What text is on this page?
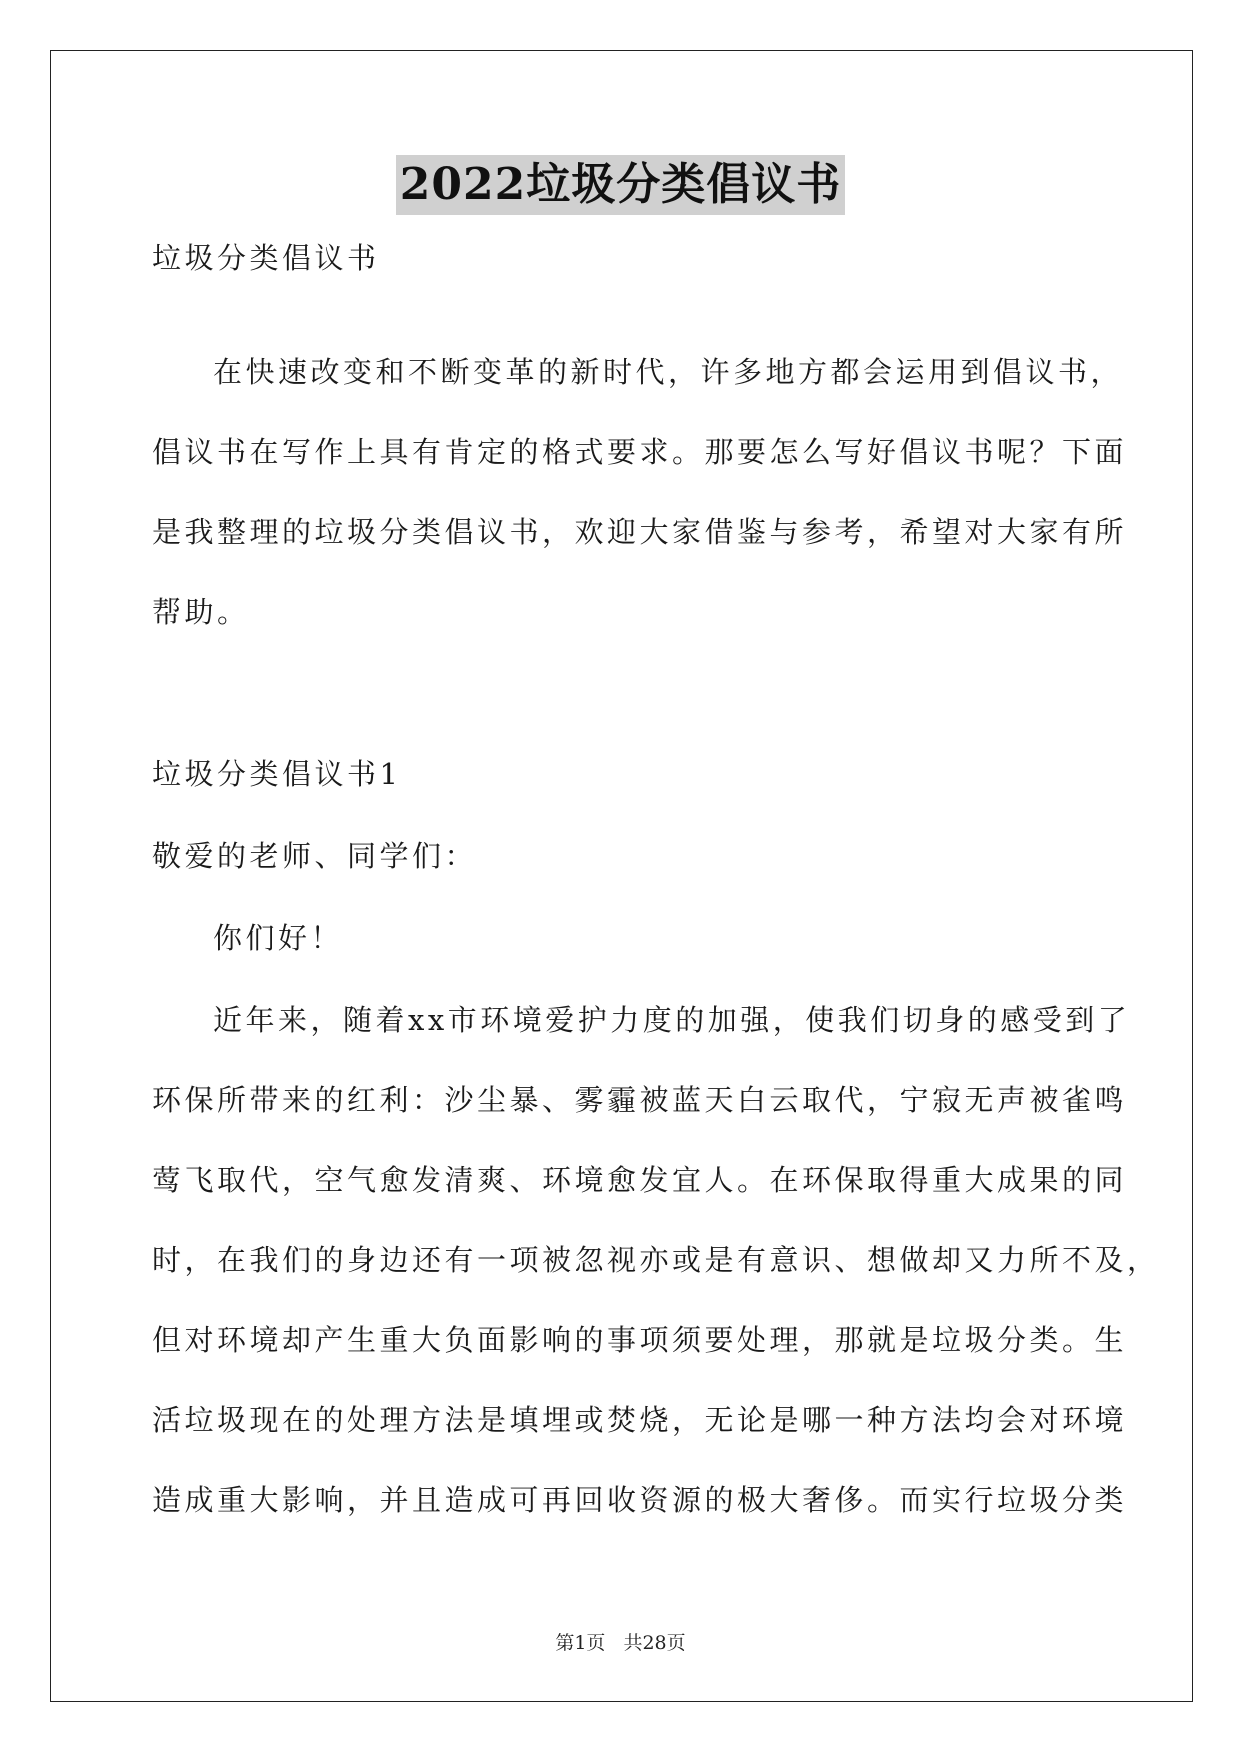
2022垃圾分类倡议书
垃圾分类倡议书
在快速改变和不断变革的新时代，许多地方都会运用到倡议书，
倡议书在写作上具有肯定的格式要求。那要怎么写好倡议书呢？下面
是我整理的垃圾分类倡议书，欢迎大家借鉴与参考，希望对大家有所
帮助。
垃圾分类倡议书1
敬爱的老师、同学们：
你们好！
近年来，随着xx市环境爱护力度的加强，使我们切身的感受到了
环保所带来的红利：沙尘暴、雾霾被蓝天白云取代，宁寂无声被雀鸣
莺飞取代，空气愈发清爽、环境愈发宜人。在环保取得重大成果的同
时，在我们的身边还有一项被忽视亦或是有意识、想做却又力所不及，
但对环境却产生重大负面影响的事项须要处理，那就是垃圾分类。生
活垃圾现在的处理方法是填埋或焚烧，无论是哪一种方法均会对环境
造成重大影响，并且造成可再回收资源的极大奢侈。而实行垃圾分类
第1页 共28页
